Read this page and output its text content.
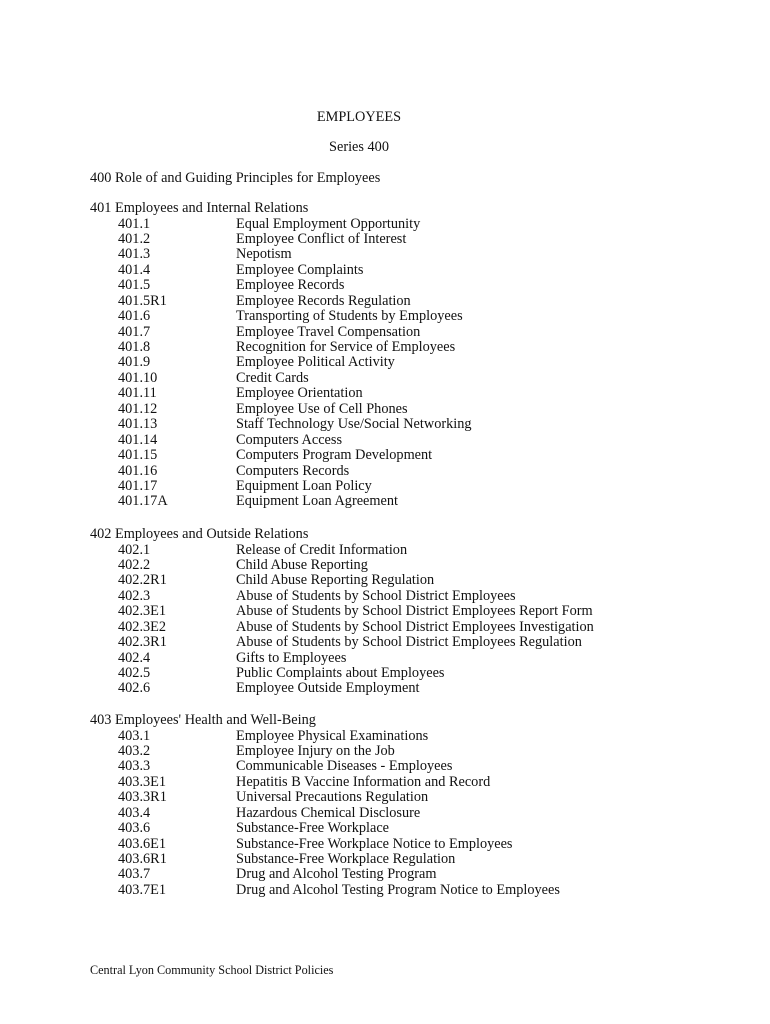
EMPLOYEES
Series 400
400 Role of and Guiding Principles for Employees
401 Employees and Internal Relations
401.1	Equal Employment Opportunity
401.2	Employee Conflict of Interest
401.3	Nepotism
401.4	Employee Complaints
401.5	Employee Records
401.5R1	Employee Records Regulation
401.6	Transporting of Students by Employees
401.7	Employee Travel Compensation
401.8	Recognition for Service of Employees
401.9	Employee Political Activity
401.10	Credit Cards
401.11	Employee Orientation
401.12	Employee Use of Cell Phones
401.13	Staff Technology Use/Social Networking
401.14	Computers Access
401.15	Computers Program Development
401.16	Computers Records
401.17	Equipment Loan Policy
401.17A	Equipment Loan Agreement
402 Employees and Outside Relations
402.1	Release of Credit Information
402.2	Child Abuse Reporting
402.2R1	Child Abuse Reporting Regulation
402.3	Abuse of Students by School District Employees
402.3E1	Abuse of Students by School District Employees Report Form
402.3E2	Abuse of Students by School District Employees Investigation
402.3R1	Abuse of Students by School District Employees Regulation
402.4	Gifts to Employees
402.5	Public Complaints about Employees
402.6	Employee Outside Employment
403 Employees' Health and Well-Being
403.1	Employee Physical Examinations
403.2	Employee Injury on the Job
403.3	Communicable Diseases - Employees
403.3E1	Hepatitis B Vaccine Information and Record
403.3R1	Universal Precautions Regulation
403.4	Hazardous Chemical Disclosure
403.6	Substance-Free Workplace
403.6E1	Substance-Free Workplace Notice to Employees
403.6R1	Substance-Free Workplace Regulation
403.7	Drug and Alcohol Testing Program
403.7E1	Drug and Alcohol Testing Program Notice to Employees
Central Lyon Community School District Policies
